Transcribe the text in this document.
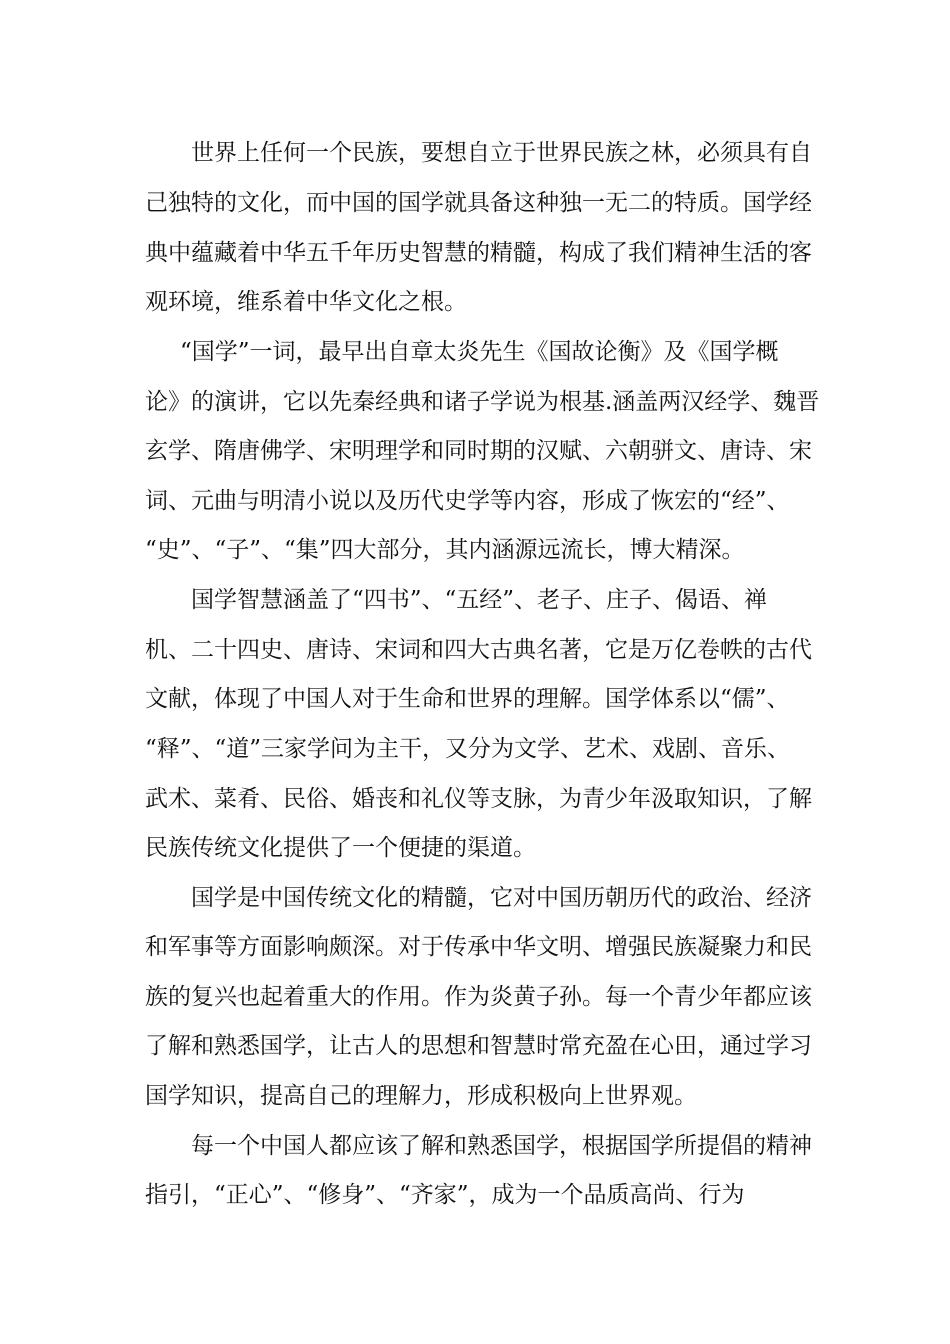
世界上任何一个民族，要想自立于世界民族之林，必须具有自
己独特的文化，而中国的国学就具备这种独一无二的特质。国学经
典中蕴藏着中华五千年历史智慧的精髓，构成了我们精神生活的客
观环境，维系着中华文化之根。
“国学”一词，最早出自章太炎先生《国故论衡》及《国学概
论》的演讲，它以先秦经典和诸子学说为根基.涵盖两汉经学、魏晋
玄学、隋唐佛学、宋明理学和同时期的汉赋、六朝骈文、唐诗、宋
词、元曲与明清小说以及历代史学等内容，形成了恢宏的“经”、
“史”、“子”、“集”四大部分，其内涵源远流长，博大精深。
国学智慧涵盖了“四书”、“五经”、老子、庄子、偈语、禅
机、二十四史、唐诗、宋词和四大古典名著，它是万亿卷帙的古代
文献，体现了中国人对于生命和世界的理解。国学体系以“儒”、
“释”、“道”三家学问为主干，又分为文学、艺术、戏剧、音乐、
武术、菜肴、民俗、婚丧和礼仪等支脉，为青少年汲取知识，了解
民族传统文化提供了一个便捷的渠道。
国学是中国传统文化的精髓，它对中国历朝历代的政治、经济
和军事等方面影响颇深。对于传承中华文明、增强民族凝聚力和民
族的复兴也起着重大的作用。作为炎黄子孙。每一个青少年都应该
了解和熟悉国学，让古人的思想和智慧时常充盈在心田，通过学习
国学知识，提高自己的理解力，形成积极向上世界观。
每一个中国人都应该了解和熟悉国学，根据国学所提倡的精神
指引，“正心”、“修身”、“齐家”，成为一个品质高尚、行为
